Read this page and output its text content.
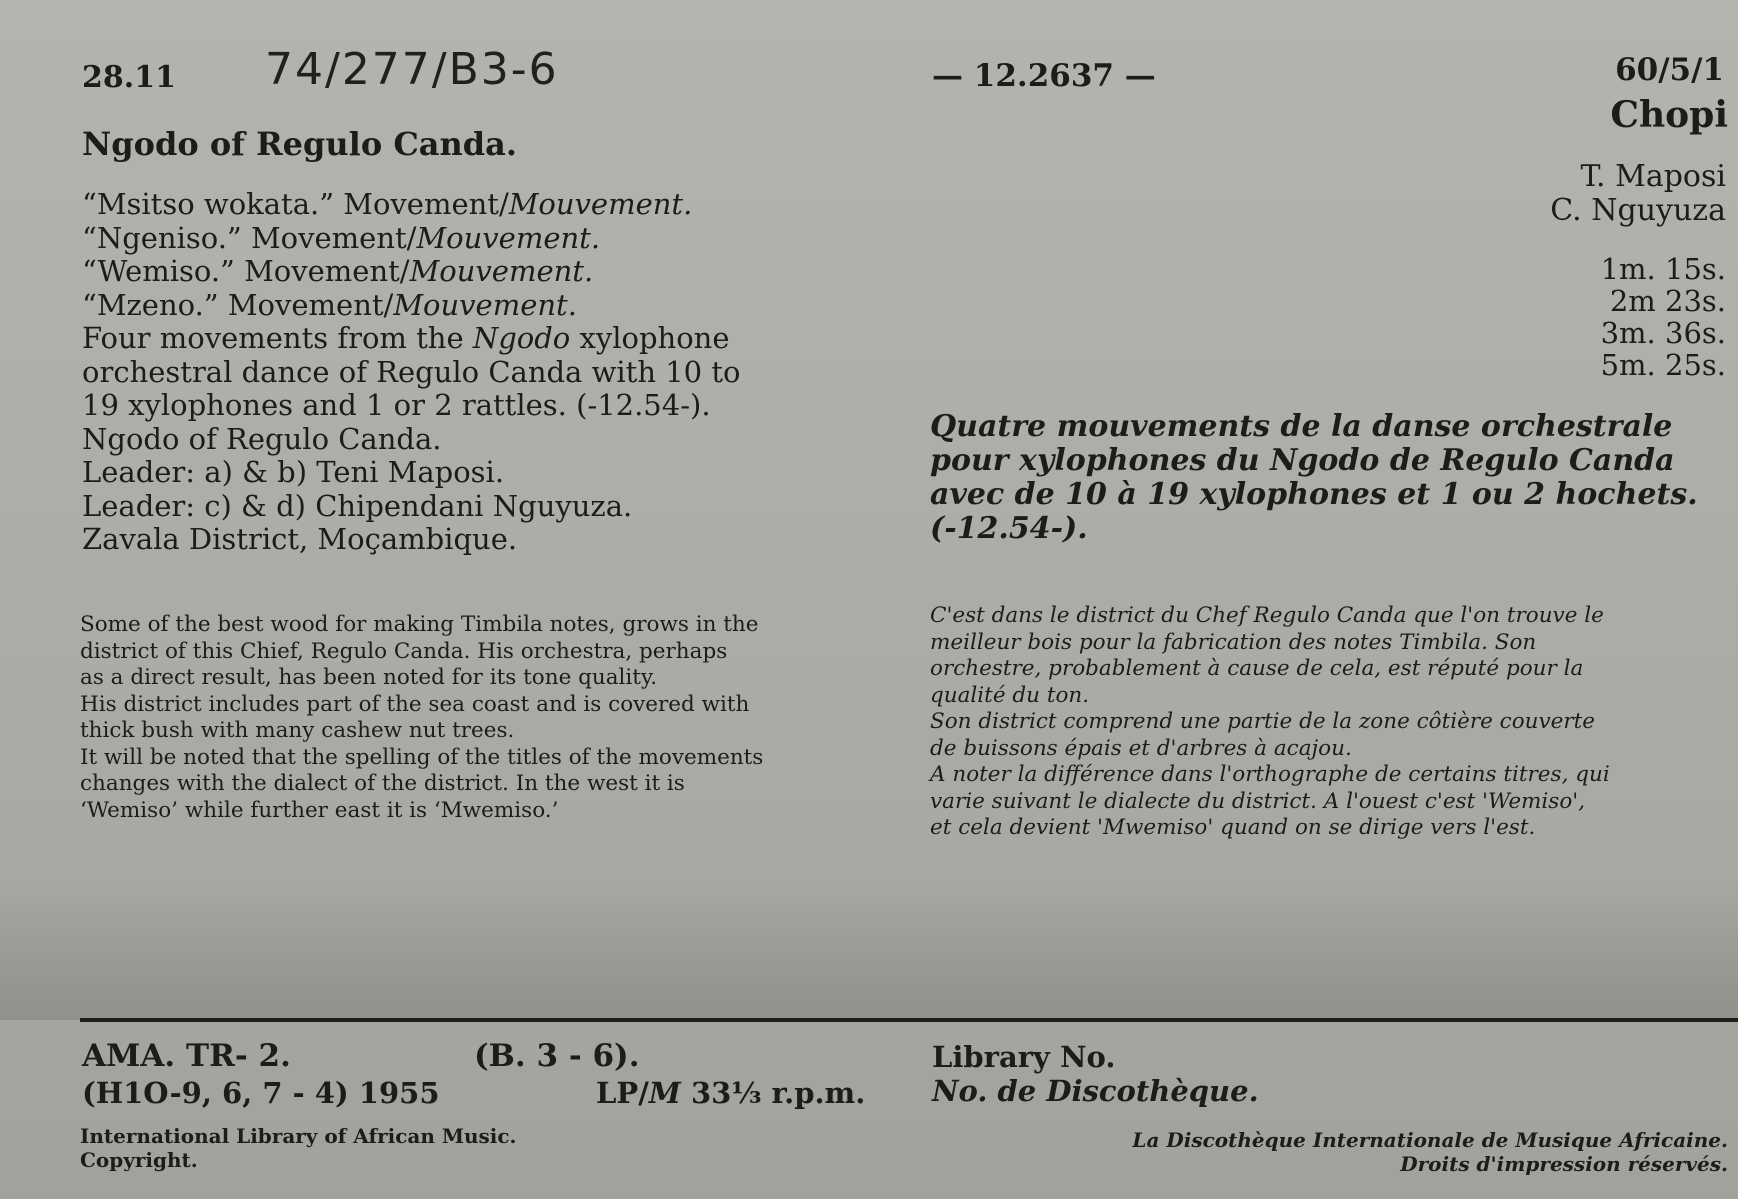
28.11 74/277/B3-6	— 12.2637 —	60/5/1
Chopi
Ngodo of Regulo Canda.
“Msitso wokata.” Movement/Mouvement.
“Ngeniso.” Movement/Mouvement.
“Wemiso.” Movement/Mouvement.
“Mzeno.” Movement/Mouvement.
Four movements from the Ngodo xylophone
orchestral dance of Regulo Canda with 10 to
19 xylophones and 1 or 2 rattles. (-12.54-).
Ngodo of Regulo Canda.
Leader: a) & b) Teni Maposi.
Leader: c) & d) Chipendani Nguyuza.
Zavala District, Moçambique.
T. Maposi
C. Nguyuza
1m. 15s.
2m 23s.
3m. 36s.
5m. 25s.
Quatre mouvements de la danse orchestrale
pour xylophones du Ngodo de Regulo Canda
avec de 10 à 19 xylophones et 1 ou 2 hochets.
(-12.54-).
Some of the best wood for making Timbila notes, grows in the
district of this Chief, Regulo Canda. His orchestra, perhaps
as a direct result, has been noted for its tone quality.
His district includes part of the sea coast and is covered with
thick bush with many cashew nut trees.
It will be noted that the spelling of the titles of the movements
changes with the dialect of the district. In the west it is
‘Wemiso’ while further east it is ‘Mwemiso.’
C'est dans le district du Chef Regulo Canda que l'on trouve le
meilleur bois pour la fabrication des notes Timbila. Son
orchestre, probablement à cause de cela, est réputé pour la
qualité du ton.
Son district comprend une partie de la zone côtière couverte
de buissons épais et d'arbres à acajou.
A noter la différence dans l'orthographe de certains titres, qui
varie suivant le dialecte du district. A l'ouest c'est 'Wemiso',
et cela devient 'Mwemiso' quand on se dirige vers l'est.
AMA. TR- 2.	(B. 3 - 6).
(H1O-9, 6, 7 - 4) 1955	LP/M 33⅓ r.p.m.
Library No.
No. de Discothèque.
International Library of African Music.
Copyright.
La Discothèque Internationale de Musique Africaine.
Droits d'impression réservés.
